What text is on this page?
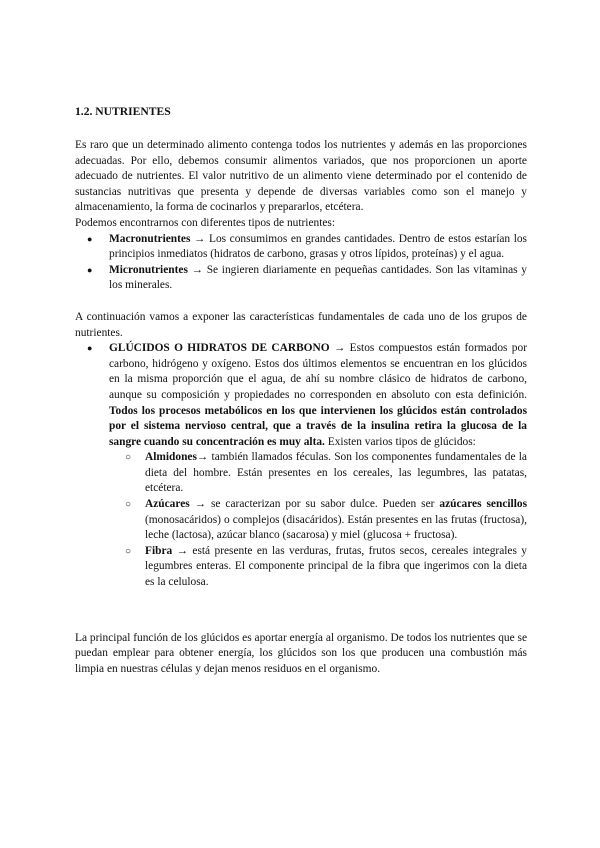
1.2. NUTRIENTES

Es raro que un determinado alimento contenga todos los nutrientes y además en las proporciones adecuadas. Por ello, debemos consumir alimentos variados, que nos proporcionen un aporte adecuado de nutrientes. El valor nutritivo de un alimento viene determinado por el contenido de sustancias nutritivas que presenta y depende de diversas variables como son el manejo y almacenamiento, la forma de cocinarlos y prepararlos, etcétera.

Podemos encontrarnos con diferentes tipos de nutrientes:

● Macronutrientes → Los consumimos en grandes cantidades. Dentro de estos estarían los principios inmediatos (hidratos de carbono, grasas y otros lípidos, proteínas) y el agua.
● Micronutrientes → Se ingieren diariamente en pequeñas cantidades. Son las vitaminas y los minerales.

A continuación vamos a exponer las características fundamentales de cada uno de los grupos de nutrientes.

● GLÚCIDOS O HIDRATOS DE CARBONO → Estos compuestos están formados por carbono, hidrógeno y oxígeno. Estos dos últimos elementos se encuentran en los glúcidos en la misma proporción que el agua, de ahí su nombre clásico de hidratos de carbono, aunque su composición y propiedades no corresponden en absoluto con esta definición. Todos los procesos metabólicos en los que intervienen los glúcidos están controlados por el sistema nervioso central, que a través de la insulina retira la glucosa de la sangre cuando su concentración es muy alta. Existen varios tipos de glúcidos:
○ Almidones→ también llamados féculas. Son los componentes fundamentales de la dieta del hombre. Están presentes en los cereales, las legumbres, las patatas, etcétera.
○ Azúcares → se caracterizan por su sabor dulce. Pueden ser azúcares sencillos (monosacáridos) o complejos (disacáridos). Están presentes en las frutas (fructosa), leche (lactosa), azúcar blanco (sacarosa) y miel (glucosa + fructosa).
○ Fibra → está presente en las verduras, frutas, frutos secos, cereales integrales y legumbres enteras. El componente principal de la fibra que ingerimos con la dieta es la celulosa.

La principal función de los glúcidos es aportar energía al organismo. De todos los nutrientes que se puedan emplear para obtener energía, los glúcidos son los que producen una combustión más limpia en nuestras células y dejan menos residuos en el organismo.
